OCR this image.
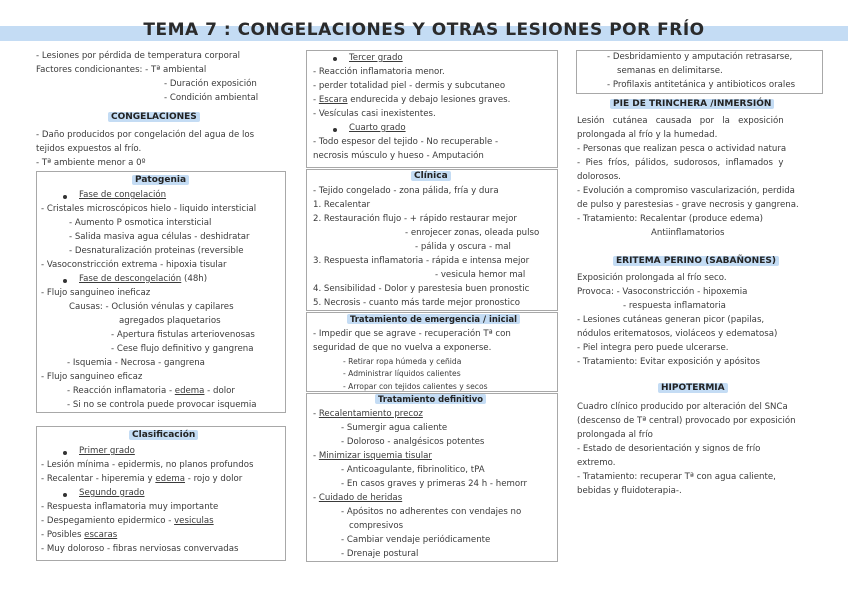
TEMA 7 : CONGELACIONES Y OTRAS LESIONES POR FRÍO

- Lesiones por pérdida de temperatura corporal

Factores condicionantes: - Tª ambiental

- Duración exposición

- Condición ambiental

CONGELACIONES

- Daño producidos por congelación del agua de los

tejidos expuestos al frío.

- Tª ambiente menor a 0º

Patogenia
Fase de congelación

- Cristales microscópicos hielo - liquido intersticial

- Aumento P osmotica intersticial

- Salida masiva agua células - deshidratar

- Desnaturalización proteinas (reversible

- Vasoconstricción extrema - hipoxia tisular

Fase de descongelación (48h)

- Flujo sanguineo ineficaz

Causas: - Oclusión vénulas y capilares

agregados plaquetarios

- Apertura fistulas arteriovenosas

- Cese flujo definitivo y gangrena

- Isquemia - Necrosa - gangrena

- Flujo sanguineo eficaz

- Reacción inflamatoria - edema - dolor

- Si no se controla puede provocar isquemia

Clasificación
Primer grado

- Lesión mínima - epidermis, no planos profundos

- Recalentar - hiperemia y edema - rojo y dolor

Segundo grado

- Respuesta inflamatoria muy importante

- Despegamiento epidermico - vesiculas

- Posibles escaras

- Muy doloroso - fibras nerviosas convervadas

Tercer grado

- Reacción inflamatoria menor.

- perder totalidad piel - dermis y subcutaneo

- Escara endurecida y debajo lesiones graves.

- Vesículas casi inexistentes.

Cuarto grado

- Todo espesor del tejido - No recuperable -

necrosis músculo y hueso - Amputación

Clínica

- Tejido congelado - zona pálida, fría y dura

1. Recalentar

2. Restauración flujo - + rápido restaurar mejor

- enrojecer zonas, oleada pulso

- pálida y oscura - mal

3. Respuesta inflamatoria - rápida e intensa mejor

- vesicula hemor mal

4. Sensibilidad - Dolor y parestesia buen pronostic

5. Necrosis - cuanto más tarde mejor pronostico

Tratamiento de emergencia / inicial

- Impedir que se agrave - recuperación Tª con

seguridad de que no vuelva a exponerse.

- Retirar ropa húmeda y ceñida

- Administrar líquidos calientes

- Arropar con tejidos calientes y secos

Tratamiento definitivo

- Recalentamiento precoz

- Sumergir agua caliente

- Doloroso - analgésicos potentes

- Minimizar isquemia tisular

- Anticoagulante, fibrinolitico, tPA

- En casos graves y primeras 24 h - hemorr

- Cuidado de heridas

- Apósitos no adherentes con vendajes no

compresivos

- Cambiar vendaje periódicamente

- Drenaje postural

- Desbridamiento y amputación retrasarse,

semanas en delimitarse.

- Profilaxis antitetánica y antibioticos orales

PIE DE TRINCHERA /INMERSIÓN

Lesión   cutánea   causada   por   la   exposición

prolongada al frío y la humedad.

- Personas que realizan pesca o actividad natura

-  Pies  fríos,  pálidos,  sudorosos,  inflamados  y

dolorosos.

- Evolución a compromiso vascularización, perdida

de pulso y parestesias - grave necrosis y gangrena.

- Tratamiento: Recalentar (produce edema)

Antiinflamatorios

ERITEMA PERINO (SABAÑONES)

Exposición prolongada al frío seco.

Provoca: - Vasoconstricción - hipoxemia

- respuesta inflamatoria

- Lesiones cutáneas generan picor (papilas,

nódulos eritematosos, violáceos y edematosa)

- Piel integra pero puede ulcerarse.

- Tratamiento: Evitar exposición y apósitos

HIPOTERMIA

Cuadro clínico producido por alteración del SNCa

(descenso de Tª central) provocado por exposición

prolongada al frío

- Estado de desorientación y signos de frío

extremo.

- Tratamiento: recuperar Tª con agua caliente,

bebidas y fluidoterapia-.
